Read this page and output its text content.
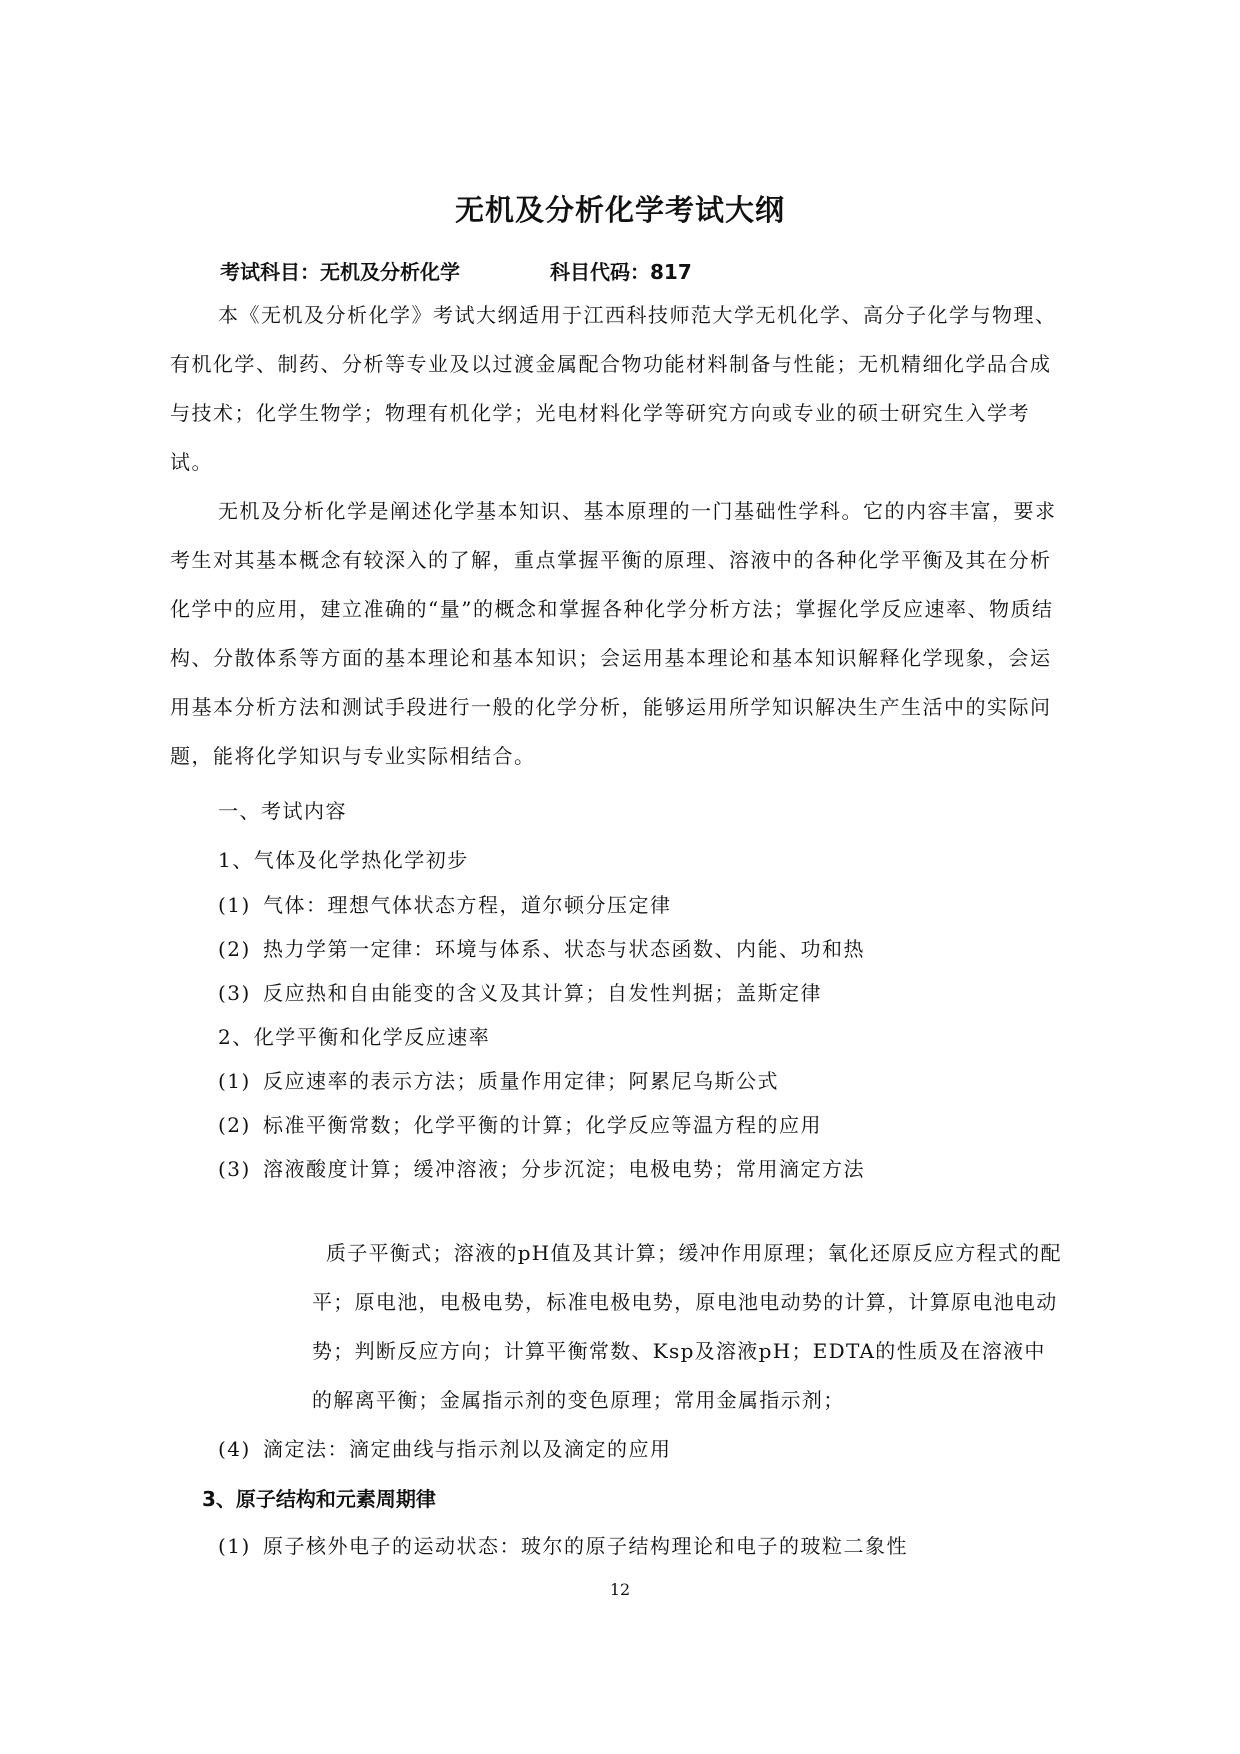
无机及分析化学考试大纲
考试科目：无机及分析化学	科目代码：817

本《无机及分析化学》考试大纲适用于江西科技师范大学无机化学、高分子化学与物理、有机化学、制药、分析等专业及以过渡金属配合物功能材料制备与性能；无机精细化学品合成与技术；化学生物学；物理有机化学；光电材料化学等研究方向或专业的硕士研究生入学考试。

无机及分析化学是阐述化学基本知识、基本原理的一门基础性学科。它的内容丰富，要求考生对其基本概念有较深入的了解，重点掌握平衡的原理、溶液中的各种化学平衡及其在分析化学中的应用，建立准确的“量”的概念和掌握各种化学分析方法；掌握化学反应速率、物质结构、分散体系等方面的基本理论和基本知识；会运用基本理论和基本知识解释化学现象，会运用基本分析方法和测试手段进行一般的化学分析，能够运用所学知识解决生产生活中的实际问题，能将化学知识与专业实际相结合。

一、考试内容
1、气体及化学热化学初步
(1) 气体：理想气体状态方程，道尔顿分压定律
(2) 热力学第一定律：环境与体系、状态与状态函数、内能、功和热
(3) 反应热和自由能变的含义及其计算；自发性判据；盖斯定律
2、化学平衡和化学反应速率
(1) 反应速率的表示方法；质量作用定律；阿累尼乌斯公式
(2) 标准平衡常数；化学平衡的计算；化学反应等温方程的应用
(3) 溶液酸度计算；缓冲溶液；分步沉淀；电极电势；常用滴定方法

质子平衡式；溶液的pH值及其计算；缓冲作用原理；氧化还原反应方程式的配平；原电池，电极电势，标准电极电势，原电池电动势的计算，计算原电池电动势；判断反应方向；计算平衡常数、Ksp及溶液pH；EDTA的性质及在溶液中的解离平衡；金属指示剂的变色原理；常用金属指示剂；

(4) 滴定法：滴定曲线与指示剂以及滴定的应用
3、原子结构和元素周期律
(1) 原子核外电子的运动状态：玻尔的原子结构理论和电子的玻粒二象性
12
